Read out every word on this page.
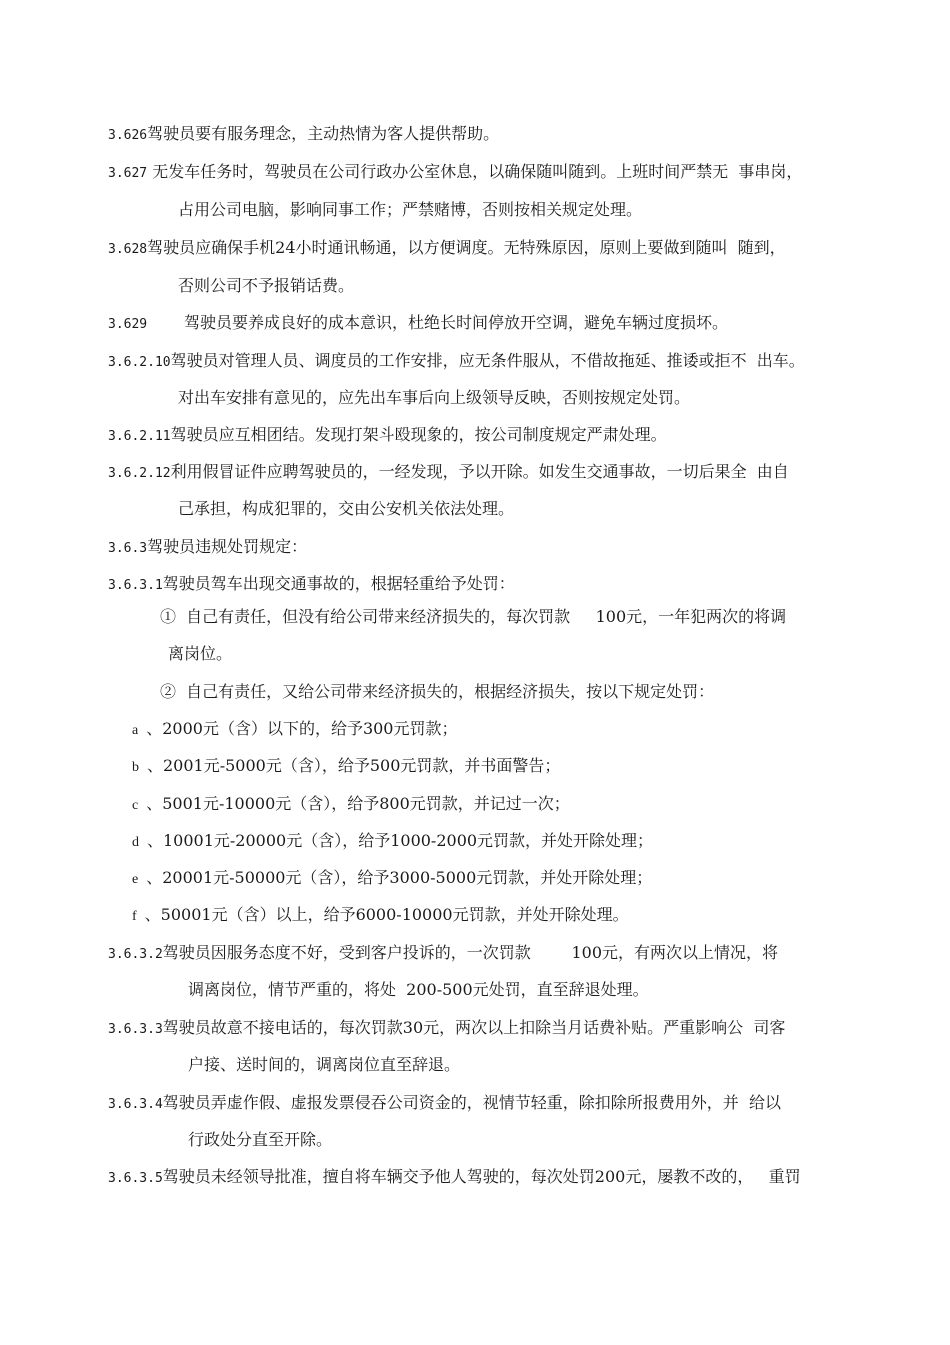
3.626驾驶员要有服务理念，主动热情为客人提供帮助。
3.627 无发车任务时，驾驶员在公司行政办公室休息，以确保随叫随到。上班时间严禁无  事串岗，
占用公司电脑，影响同事工作；严禁赌博，否则按相关规定处理。
3.628驾驶员应确保手机24小时通讯畅通，以方便调度。无特殊原因，原则上要做到随叫  随到，
否则公司不予报销话费。
3.629 驾驶员要养成良好的成本意识，杜绝长时间停放开空调，避免车辆过度损坏。
3.6.2.10驾驶员对管理人员、调度员的工作安排，应无条件服从，不借故拖延、推诿或拒不  出车。
对出车安排有意见的，应先出车事后向上级领导反映，否则按规定处罚。
3.6.2.11驾驶员应互相团结。发现打架斗殴现象的，按公司制度规定严肃处理。
3.6.2.12利用假冒证件应聘驾驶员的，一经发现，予以开除。如发生交通事故，一切后果全  由自
己承担，构成犯罪的，交由公安机关依法处理。
3.6.3驾驶员违规处罚规定：
3.6.3.1驾驶员驾车出现交通事故的，根据轻重给予处罚：
①  自己有责任，但没有给公司带来经济损失的，每次罚款     100元，一年犯两次的将调
离岗位。
②  自己有责任，又给公司带来经济损失的，根据经济损失，按以下规定处罚：
a 、2000元（含）以下的，给予300元罚款；
b 、2001元-5000元（含），给予500元罚款，并书面警告；
c 、5001元-10000元（含），给予800元罚款，并记过一次；
d 、10001元-20000元（含），给予1000-2000元罚款，并处开除处理；
e 、20001元-50000元（含），给予3000-5000元罚款，并处开除处理；
f 、50001元（含）以上，给予6000-10000元罚款，并处开除处理。
3.6.3.2驾驶员因服务态度不好，受到客户投诉的，一次罚款        100元，有两次以上情况，将
调离岗位，情节严重的，将处  200-500元处罚，直至辞退处理。
3.6.3.3驾驶员故意不接电话的，每次罚款30元，两次以上扣除当月话费补贴。严重影响公  司客
户接、送时间的，调离岗位直至辞退。
3.6.3.4驾驶员弄虚作假、虚报发票侵吞公司资金的，视情节轻重，除扣除所报费用外，并  给以
行政处分直至开除。
3.6.3.5驾驶员未经领导批准，擅自将车辆交予他人驾驶的，每次处罚200元，屡教不改的，   重罚
